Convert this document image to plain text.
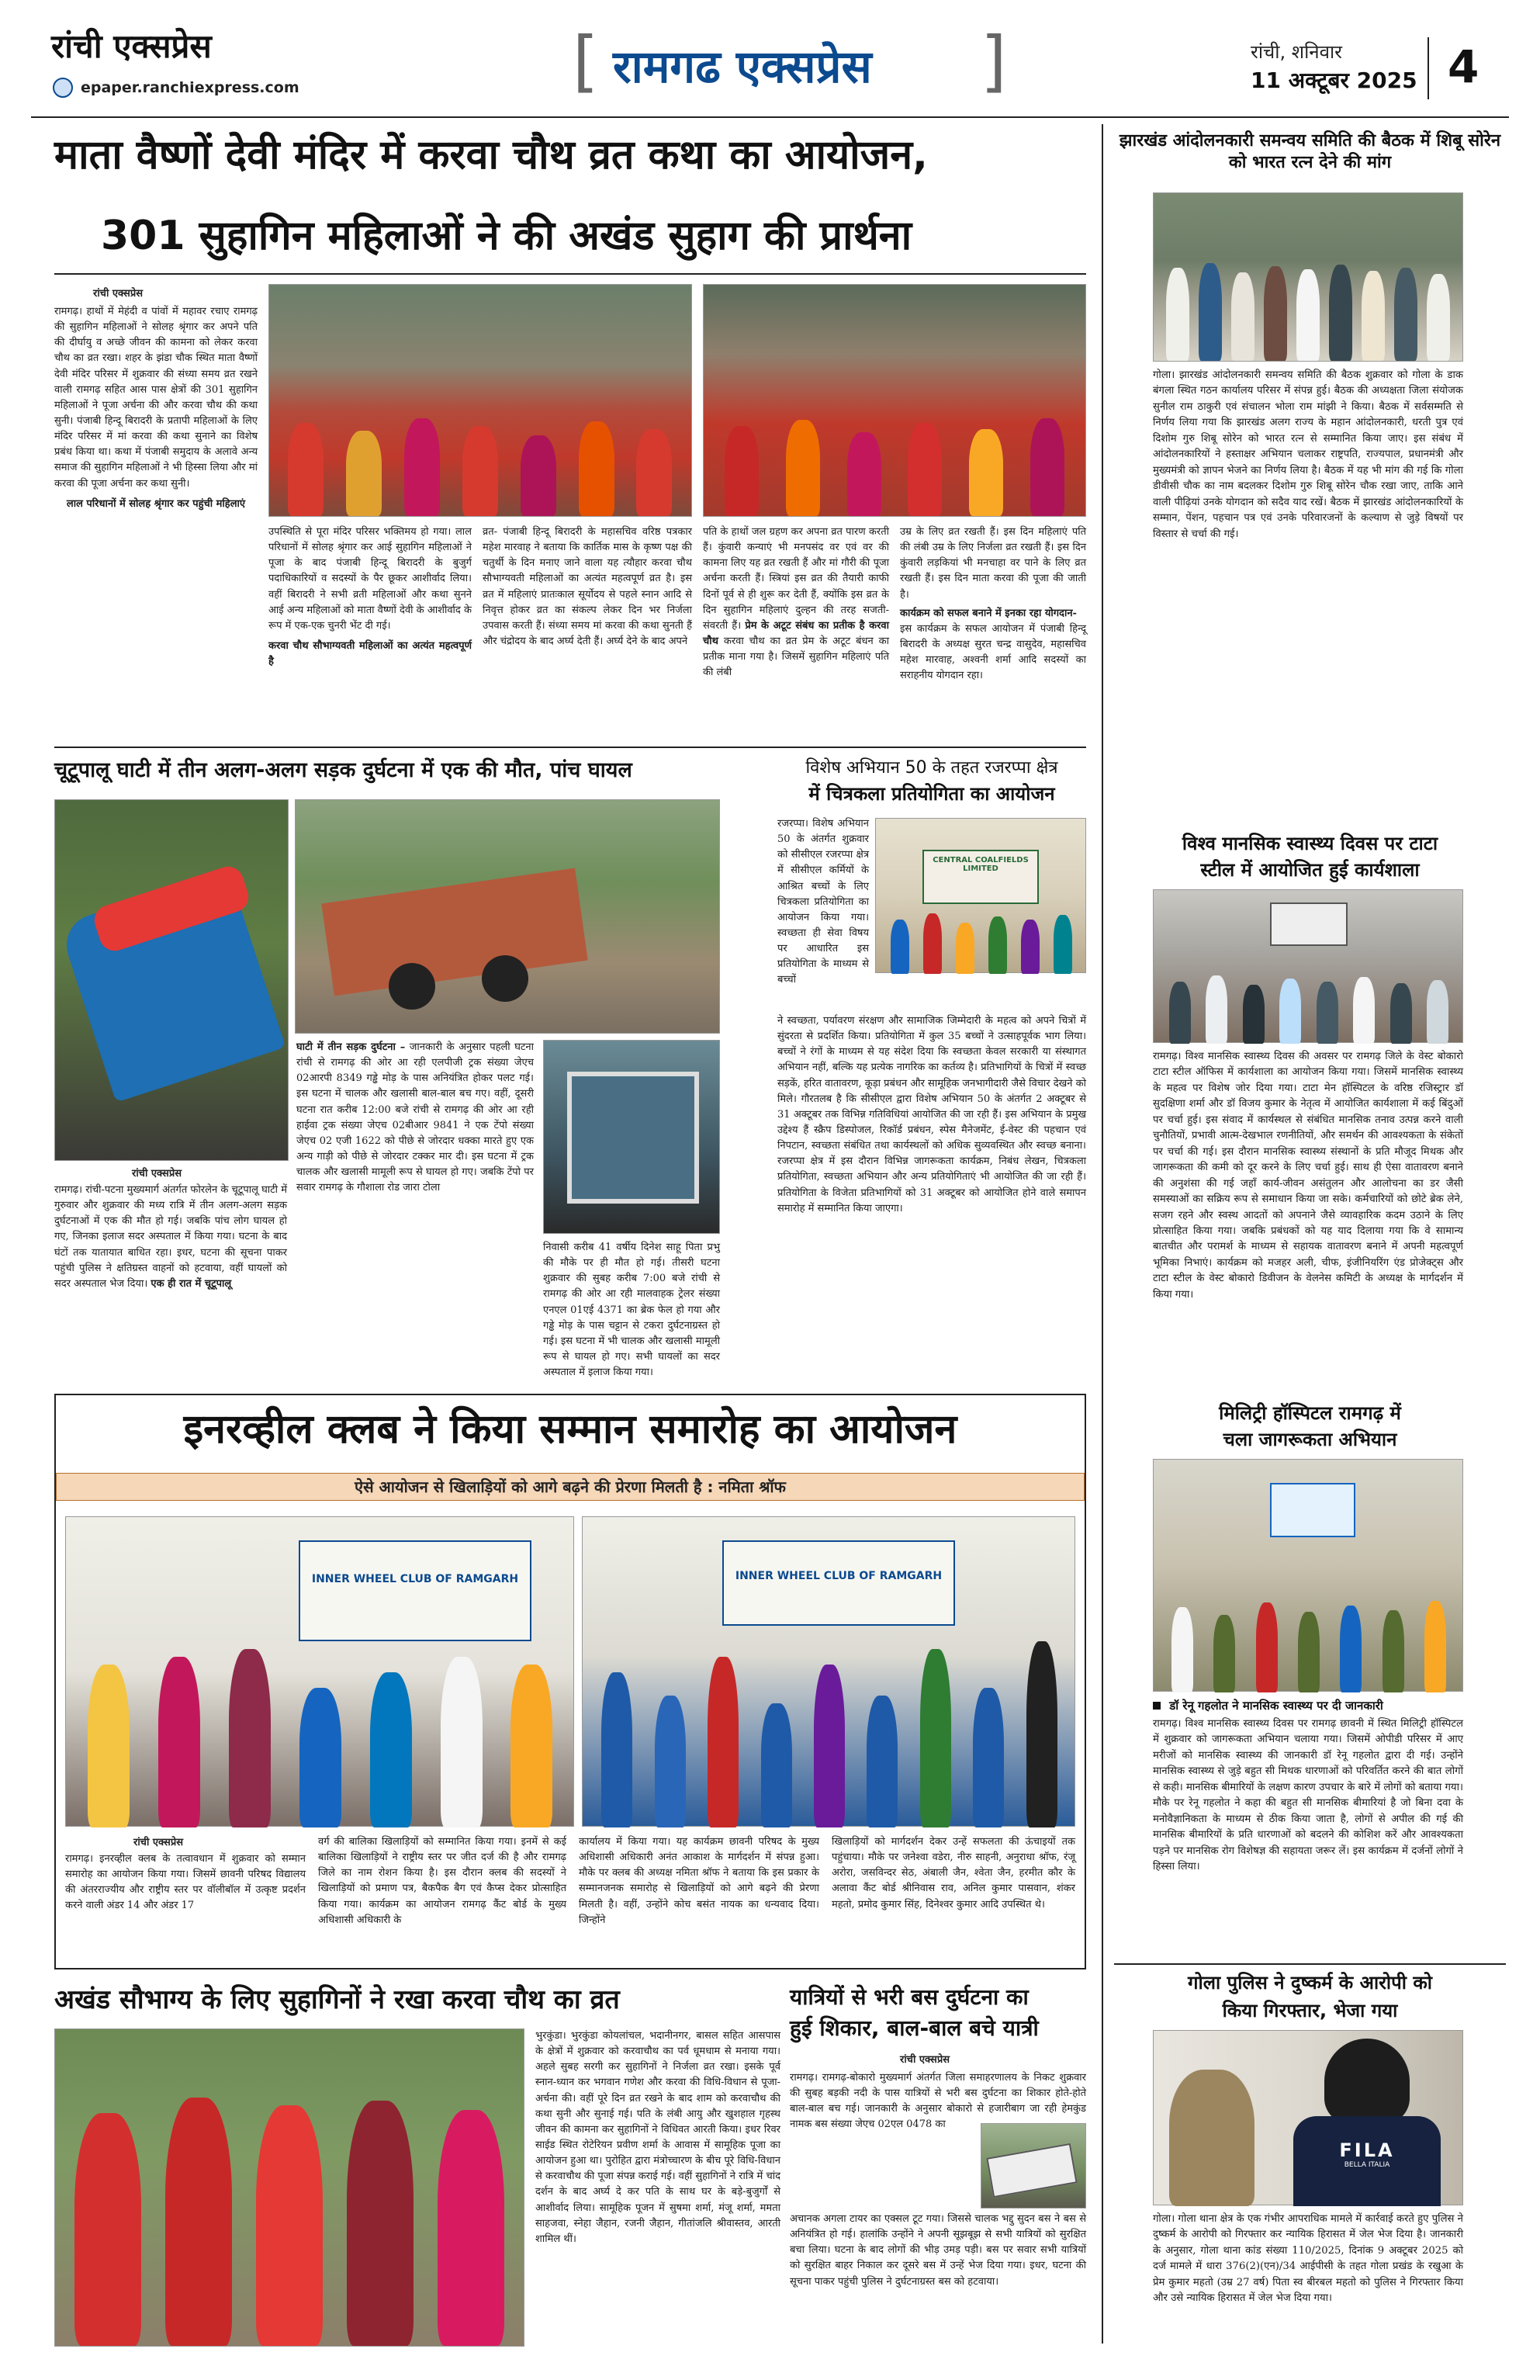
रांची एक्सप्रेस
epaper.ranchiexpress.com	[ रामगढ एक्सप्रेस ]	रांची, शनिवार
11 अक्टूबर 2025 4
माता वैष्णों देवी मंदिर में करवा चौथ व्रत कथा का आयोजन,
301 सुहागिन महिलाओं ने की अखंड सुहाग की प्रार्थना
रांची एक्सप्रेस
रामगढ़। हाथों में मेहंदी व पांवों में महावर रचाए रामगढ़ की सुहागिन महिलाओं ने सोलह श्रृंगार कर अपने पति की दीर्घायु व अच्छे जीवन की कामना को लेकर करवा चौथ का व्रत रखा। शहर के झंडा चौक स्थित माता वैष्णों देवी मंदिर परिसर में शुक्रवार की संध्या समय व्रत रखने वाली रामगढ़ सहित आस पास क्षेत्रों की 301 सुहागिन महिलाओं ने पूजा अर्चना की और करवा चौथ की कथा सुनी। पंजाबी हिन्दू बिरादरी के प्रतापी महिलाओं के लिए मंदिर परिसर में मां करवा की कथा सुनाने का विशेष प्रबंध किया था। कथा में पंजाबी समुदाय के अलावे अन्य समाज की सुहागिन महिलाओं ने भी हिस्सा लिया और मां करवा की पूजा अर्चना कर कथा सुनी।
लाल परिधानों में सोलह श्रृंगार कर पहुंची महिलाएं
उपस्थिति से पूरा मंदिर परिसर भक्तिमय हो गया। लाल परिधानों में सोलह श्रृंगार कर आई सुहागिन महिलाओं ने पूजा के बाद पंजाबी हिन्दू बिरादरी के बुजुर्ग पदाधिकारियों व सदस्यों के पैर छूकर आशीर्वाद लिया। वहीं बिरादरी ने सभी व्रती महिलाओं और कथा सुनने आई अन्य महिलाओं को माता वैष्णों देवी के आशीर्वाद के रूप में एक-एक चुनरी भेंट दी गई।
करवा चौथ सौभाग्यवती महिलाओं का अत्यंत महत्वपूर्ण है
व्रत- पंजाबी हिन्दू बिरादरी के महासचिव वरिष्ठ पत्रकार महेश मारवाह ने बताया कि कार्तिक मास के कृष्ण पक्ष की चतुर्थी के दिन मनाए जाने वाला यह त्यौहार करवा चौथ सौभाग्यवती महिलाओं का अत्यंत महत्वपूर्ण व्रत है। इस व्रत में महिलाएं प्रातःकाल सूर्योदय से पहले स्नान आदि से निवृत्त होकर व्रत का संकल्प लेकर दिन भर निर्जला उपवास करती हैं। संध्या समय मां करवा की कथा सुनती हैं और चंद्रोदय के बाद अर्घ्य देती हैं। अर्घ्य देने के बाद अपने
पति के हाथों जल ग्रहण कर अपना व्रत पारण करती हैं। कुंवारी कन्याएं भी मनपसंद वर एवं वर की कामना लिए यह व्रत रखती हैं और मां गौरी की पूजा अर्चना करती हैं। स्त्रियां इस व्रत की तैयारी काफी दिनों पूर्व से ही शुरू कर देती हैं, क्योंकि इस व्रत के दिन सुहागिन महिलाएं दुल्हन की तरह सजती-संवरती हैं। प्रेम के अटूट संबंध का प्रतीक है करवा चौथ करवा चौथ का व्रत प्रेम के अटूट बंधन का प्रतीक माना गया है। जिसमें सुहागिन महिलाएं पति की लंबी
उम्र के लिए व्रत रखती हैं। इस दिन महिलाएं पति की लंबी उम्र के लिए निर्जला व्रत रखती हैं। इस दिन कुंवारी लड़कियां भी मनचाहा वर पाने के लिए व्रत रखती हैं। इस दिन माता करवा की पूजा की जाती है।
कार्यक्रम को सफल बनाने में इनका रहा योगदान-
इस कार्यक्रम के सफल आयोजन में पंजाबी हिन्दू बिरादरी के अध्यक्ष सुरत चन्द्र वासुदेव, महासचिव महेश मारवाह, अश्वनी शर्मा आदि सदस्यों का सराहनीय योगदान रहा।
झारखंड आंदोलनकारी समन्वय समिति की बैठक में शिबू सोरेन को भारत रत्न देने की मांग
गोला। झारखंड आंदोलनकारी समन्वय समिति की बैठक शुक्रवार को गोला के डाक बंगला स्थित गठन कार्यालय परिसर में संपन्न हुई। बैठक की अध्यक्षता जिला संयोजक सुनील राम ठाकुरी एवं संचालन भोला राम मांझी ने किया। बैठक में सर्वसम्मति से निर्णय लिया गया कि झारखंड अलग राज्य के महान आंदोलनकारी, धरती पुत्र एवं दिशोम गुरु शिबू सोरेन को भारत रत्न से सम्मानित किया जाए। इस संबंध में आंदोलनकारियों ने हस्ताक्षर अभियान चलाकर राष्ट्रपति, राज्यपाल, प्रधानमंत्री और मुख्यमंत्री को ज्ञापन भेजने का निर्णय लिया है। बैठक में यह भी मांग की गई कि गोला डीवीसी चौक का नाम बदलकर दिशोम गुरु शिबू सोरेन चौक रखा जाए, ताकि आने वाली पीढ़ियां उनके योगदान को सदैव याद रखें। बैठक में झारखंड आंदोलनकारियों के सम्मान, पेंशन, पहचान पत्र एवं उनके परिवारजनों के कल्याण से जुड़े विषयों पर विस्तार से चर्चा की गई।
चूटूपालू घाटी में तीन अलग-अलग सड़क दुर्घटना में एक की मौत, पांच घायल
रांची एक्सप्रेस
रामगढ़। रांची-पटना मुख्यमार्ग अंतर्गत फोरलेन के चूटूपालू घाटी में गुरुवार और शुक्रवार की मध्य रात्रि में तीन अलग-अलग सड़क दुर्घटनाओं में एक की मौत हो गई। जबकि पांच लोग घायल हो गए, जिनका इलाज सदर अस्पताल में किया गया। घटना के बाद घंटों तक यातायात बाधित रहा। इधर, घटना की सूचना पाकर पहुंची पुलिस ने क्षतिग्रस्त वाहनों को हटवाया, वहीं घायलों को सदर अस्पताल भेज दिया। एक ही रात में चूटूपालू
घाटी में तीन सड़क दुर्घटना – जानकारी के अनुसार पहली घटना रांची से रामगढ़ की ओर आ रही एलपीजी ट्रक संख्या जेएच 02आरपी 8349 गड्ढे मोड़ के पास अनियंत्रित होकर पलट गई। इस घटना में चालक और खलासी बाल-बाल बच गए। वहीं, दूसरी घटना रात करीब 12:00 बजे रांची से रामगढ़ की ओर आ रही हाईवा ट्रक संख्या जेएच 02बीआर 9841 ने एक टेंपो संख्या जेएच 02 एजी 1622 को पीछे से जोरदार धक्का मारते हुए एक अन्य गाड़ी को पीछे से जोरदार टक्कर मार दी। इस घटना में ट्रक चालक और खलासी मामूली रूप से घायल हो गए। जबकि टेंपो पर सवार रामगढ़ के गौशाला रोड जारा टोला
निवासी करीब 41 वर्षीय दिनेश साहू पिता प्रभु की मौके पर ही मौत हो गई। तीसरी घटना शुक्रवार की सुबह करीब 7:00 बजे रांची से रामगढ़ की ओर आ रही मालवाहक ट्रेलर संख्या एनएल 01एई 4371 का ब्रेक फेल हो गया और गड्ढे मोड़ के पास चट्टान से टकरा दुर्घटनाग्रस्त हो गई। इस घटना में भी चालक और खलासी मामूली रूप से घायल हो गए। सभी घायलों का सदर अस्पताल में इलाज किया गया।
विशेष अभियान 50 के तहत रजरप्पा क्षेत्र
में चित्रकला प्रतियोगिता का आयोजन
रजरप्पा। विशेष अभियान 50 के अंतर्गत शुक्रवार को सीसीएल रजरप्पा क्षेत्र में सीसीएल कर्मियों के आश्रित बच्चों के लिए चित्रकला प्रतियोगिता का आयोजन किया गया। स्वच्छता ही सेवा विषय पर आधारित इस प्रतियोगिता के माध्यम से बच्चों
CENTRAL COALFIELDS LIMITED
ने स्वच्छता, पर्यावरण संरक्षण और सामाजिक जिम्मेदारी के महत्व को अपने चित्रों में सुंदरता से प्रदर्शित किया। प्रतियोगिता में कुल 35 बच्चों ने उत्साहपूर्वक भाग लिया। बच्चों ने रंगों के माध्यम से यह संदेश दिया कि स्वच्छता केवल सरकारी या संस्थागत अभियान नहीं, बल्कि यह प्रत्येक नागरिक का कर्तव्य है। प्रतिभागियों के चित्रों में स्वच्छ सड़कें, हरित वातावरण, कूड़ा प्रबंधन और सामूहिक जनभागीदारी जैसे विचार देखने को मिले। गौरतलब है कि सीसीएल द्वारा विशेष अभियान 50 के अंतर्गत 2 अक्टूबर से 31 अक्टूबर तक विभिन्न गतिविधियां आयोजित की जा रही हैं। इस अभियान के प्रमुख उद्देश्य हैं स्क्रैप डिस्पोजल, रिकॉर्ड प्रबंधन, स्पेस मैनेजमेंट, ई-वेस्ट की पहचान एवं निपटान, स्वच्छता संबंधित तथा कार्यस्थलों को अधिक सुव्यवस्थित और स्वच्छ बनाना। रजरप्पा क्षेत्र में इस दौरान विभिन्न जागरूकता कार्यक्रम, निबंध लेखन, चित्रकला प्रतियोगिता, स्वच्छता अभियान और अन्य प्रतियोगिताएं भी आयोजित की जा रही हैं। प्रतियोगिता के विजेता प्रतिभागियों को 31 अक्टूबर को आयोजित होने वाले समापन समारोह में सम्मानित किया जाएगा।
विश्व मानसिक स्वास्थ्य दिवस पर टाटा
स्टील में आयोजित हुई कार्यशाला
रामगढ़। विश्व मानसिक स्वास्थ्य दिवस की अवसर पर रामगढ़ जिले के वेस्ट बोकारो टाटा स्टील ऑफिस में कार्यशाला का आयोजन किया गया। जिसमें मानसिक स्वास्थ्य के महत्व पर विशेष जोर दिया गया। टाटा मेन हॉस्पिटल के वरिष्ठ रजिस्ट्रार डॉ सुदक्षिणा शर्मा और डॉ विजय कुमार के नेतृत्व में आयोजित कार्यशाला में कई बिंदुओं पर चर्चा हुई। इस संवाद में कार्यस्थल से संबंधित मानसिक तनाव उत्पन्न करने वाली चुनौतियों, प्रभावी आत्म-देखभाल रणनीतियों, और समर्थन की आवश्यकता के संकेतों पर चर्चा की गई। इस दौरान मानसिक स्वास्थ्य संस्थानों के प्रति मौजूद मिथक और जागरूकता की कमी को दूर करने के लिए चर्चा हुई। साथ ही ऐसा वातावरण बनाने की अनुशंसा की गई जहाँ कार्य-जीवन असंतुलन और आलोचना का डर जैसी समस्याओं का सक्रिय रूप से समाधान किया जा सके। कर्मचारियों को छोटे ब्रेक लेने, सजग रहने और स्वस्थ आदतों को अपनाने जैसे व्यावहारिक कदम उठाने के लिए प्रोत्साहित किया गया। जबकि प्रबंधकों को यह याद दिलाया गया कि वे सामान्य बातचीत और परामर्श के माध्यम से सहायक वातावरण बनाने में अपनी महत्वपूर्ण भूमिका निभाएं। कार्यक्रम को मजहर अली, चीफ, इंजीनियरिंग एंड प्रोजेक्ट्स और टाटा स्टील के वेस्ट बोकारो डिवीजन के वेलनेस कमिटी के अध्यक्ष के मार्गदर्शन में किया गया।
इनरव्हील क्लब ने किया सम्मान समारोह का आयोजन
ऐसे आयोजन से खिलाड़ियों को आगे बढ़ने की प्रेरणा मिलती है : नमिता श्रॉफ
INNER WHEEL CLUB OF RAMGARH	INNER WHEEL CLUB OF RAMGARH
रांची एक्सप्रेस
रामगढ़। इनरव्हील क्लब के तत्वावधान में शुक्रवार को सम्मान समारोह का आयोजन किया गया। जिसमें छावनी परिषद विद्यालय की अंतरराज्यीय और राष्ट्रीय स्तर पर वॉलीबॉल में उत्कृष्ट प्रदर्शन करने वाली अंडर 14 और अंडर 17
वर्ग की बालिका खिलाड़ियों को सम्मानित किया गया। इनमें से कई बालिका खिलाड़ियों ने राष्ट्रीय स्तर पर जीत दर्ज की है और रामगढ़ जिले का नाम रोशन किया है। इस दौरान क्लब की सदस्यों ने खिलाड़ियों को प्रमाण पत्र, बैकपैक बैग एवं कैप्स देकर प्रोत्साहित किया गया। कार्यक्रम का आयोजन रामगढ़ कैंट बोर्ड के मुख्य अधिशासी अधिकारी के
कार्यालय में किया गया। यह कार्यक्रम छावनी परिषद के मुख्य अधिशासी अधिकारी अनंत आकाश के मार्गदर्शन में संपन्न हुआ। मौके पर क्लब की अध्यक्ष नमिता श्रॉफ ने बताया कि इस प्रकार के सम्मानजनक समारोह से खिलाड़ियों को आगे बढ़ने की प्रेरणा मिलती है। वहीं, उन्होंने कोच बसंत नायक का धन्यवाद दिया। जिन्होंने
खिलाड़ियों को मार्गदर्शन देकर उन्हें सफलता की ऊंचाइयों तक पहुंचाया। मौके पर जनेश्वा वडेरा, नीरु साहनी, अनुराधा श्रॉफ, रंजू अरोरा, जसविन्दर सेठ, अंबाली जैन, श्वेता जैन, हरमीत कौर के अलावा कैंट बोर्ड श्रीनिवास राव, अनिल कुमार पासवान, शंकर महतो, प्रमोद कुमार सिंह, दिनेश्वर कुमार आदि उपस्थित थे।
मिलिट्री हॉस्पिटल रामगढ़ में
चला जागरूकता अभियान
डॉ रेनू गहलोत ने मानसिक स्वास्थ्य पर दी जानकारी
रामगढ़। विश्व मानसिक स्वास्थ्य दिवस पर रामगढ़ छावनी में स्थित मिलिट्री हॉस्पिटल में शुक्रवार को जागरूकता अभियान चलाया गया। जिसमें ओपीडी परिसर में आए मरीजों को मानसिक स्वास्थ्य की जानकारी डॉ रेनू गहलोत द्वारा दी गई। उन्होंने मानसिक स्वास्थ्य से जुड़े बहुत सी मिथक धारणाओं को परिवर्तित करने की बात लोगों से कही। मानसिक बीमारियों के लक्षण कारण उपचार के बारे में लोगों को बताया गया। मौके पर रेनू गहलोत ने कहा की बहुत सी मानसिक बीमारियां है जो बिना दवा के मनोवैज्ञानिकता के माध्यम से ठीक किया जाता है, लोगों से अपील की गई की मानसिक बीमारियों के प्रति धारणाओं को बदलने की कोशिश करें और आवश्यकता पड़ने पर मानसिक रोग विशेषज्ञ की सहायता जरूर लें। इस कार्यक्रम में दर्जनों लोगों ने हिस्सा लिया।
गोला पुलिस ने दुष्कर्म के आरोपी को
किया गिरफ्तार, भेजा गया
FILA
BELLA ITALIA
गोला। गोला थाना क्षेत्र के एक गंभीर आपराधिक मामले में कार्रवाई करते हुए पुलिस ने दुष्कर्म के आरोपी को गिरफ्तार कर न्यायिक हिरासत में जेल भेज दिया है। जानकारी के अनुसार, गोला थाना कांड संख्या 110/2025, दिनांक 9 अक्टूबर 2025 को दर्ज मामले में धारा 376(2)(एन)/34 आईपीसी के तहत गोला प्रखंड के रखुआ के प्रेम कुमार महतो (उम्र 27 वर्ष) पिता स्व बीरबल महतो को पुलिस ने गिरफ्तार किया और उसे न्यायिक हिरासत में जेल भेज दिया गया।
अखंड सौभाग्य के लिए सुहागिनों ने रखा करवा चौथ का व्रत
भुरकुंडा। भुरकुंडा कोयलांचल, भदानीनगर, बासल सहित आसपास के क्षेत्रों में शुक्रवार को करवाचौथ का पर्व धूमधाम से मनाया गया। अहले सुबह सरगी कर सुहागिनों ने निर्जला व्रत रखा। इसके पूर्व स्नान-ध्यान कर भगवान गणेश और करवा की विधि-विधान से पूजा-अर्चना की। वहीं पूरे दिन व्रत रखने के बाद शाम को करवाचौथ की कथा सुनी और सुनाई गई। पति के लंबी आयु और खुशहाल गृहस्थ जीवन की कामना कर सुहागिनों ने विधिवत आरती किया। इधर रिवर साईड स्थित रोटेरियन प्रवीण शर्मा के आवास में सामूहिक पूजा का आयोजन हुआ था। पुरोहित द्वारा मंत्रोच्चारण के बीच पूरे विधि-विधान से करवाचौथ की पूजा संपन्न कराई गई। वहीं सुहागिनों ने रात्रि में चांद दर्शन के बाद अर्घ्य दे कर पति के साथ घर के बड़े-बुजुर्गों से आशीर्वाद लिया। सामूहिक पूजन में सुषमा शर्मा, मंजू शर्मा, ममता साहजवा, स्नेहा जैहान, रजनी जैहान, गीतांजलि श्रीवास्तव, आरती शामिल थीं।
यात्रियों से भरी बस दुर्घटना का
हुई शिकार, बाल-बाल बचे यात्री
रांची एक्सप्रेस
रामगढ़। रामगढ़-बोकारो मुख्यमार्ग अंतर्गत जिला समाहरणालय के निकट शुक्रवार की सुबह बड़की नदी के पास यात्रियों से भरी बस दुर्घटना का शिकार होते-होते बाल-बाल बच गई। जानकारी के अनुसार बोकारो से हजारीबाग जा रही हेमकुंड नामक बस संख्या जेएच 02एल 0478 का
अचानक अगला टायर का एक्सल टूट गया। जिससे चालक भद्दु सुदन बस ने बस से अनियंत्रित हो गई। हालांकि उन्होंने ने अपनी सूझबूझ से सभी यात्रियों को सुरक्षित बचा लिया। घटना के बाद लोगों की भीड़ उमड़ पड़ी। बस पर सवार सभी यात्रियों को सुरक्षित बाहर निकाल कर दूसरे बस में उन्हें भेज दिया गया। इधर, घटना की सूचना पाकर पहुंची पुलिस ने दुर्घटनाग्रस्त बस को हटवाया।
